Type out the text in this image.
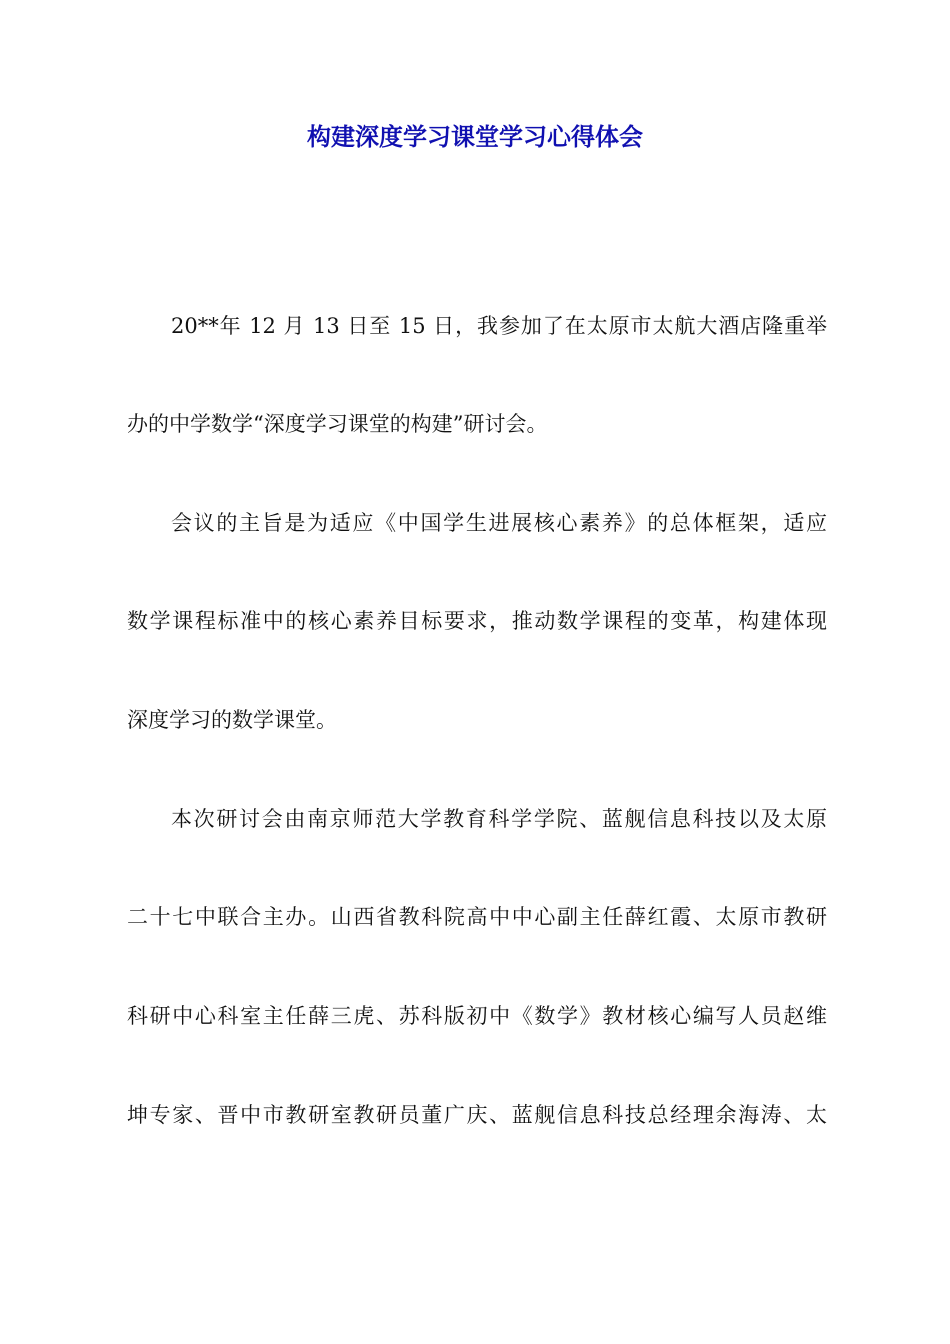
构建深度学习课堂学习心得体会

20**年 12 月 13 日至 15 日，我参加了在太原市太航大酒店隆重举

办的中学数学“深度学习课堂的构建”研讨会。

会议的主旨是为适应《中国学生进展核心素养》的总体框架，适应

数学课程标准中的核心素养目标要求，推动数学课程的变革，构建体现

深度学习的数学课堂。

本次研讨会由南京师范大学教育科学学院、蓝舰信息科技以及太原

二十七中联合主办。山西省教科院高中中心副主任薛红霞、太原市教研

科研中心科室主任薛三虎、苏科版初中《数学》教材核心编写人员赵维

坤专家、晋中市教研室教研员董广庆、蓝舰信息科技总经理余海涛、太
